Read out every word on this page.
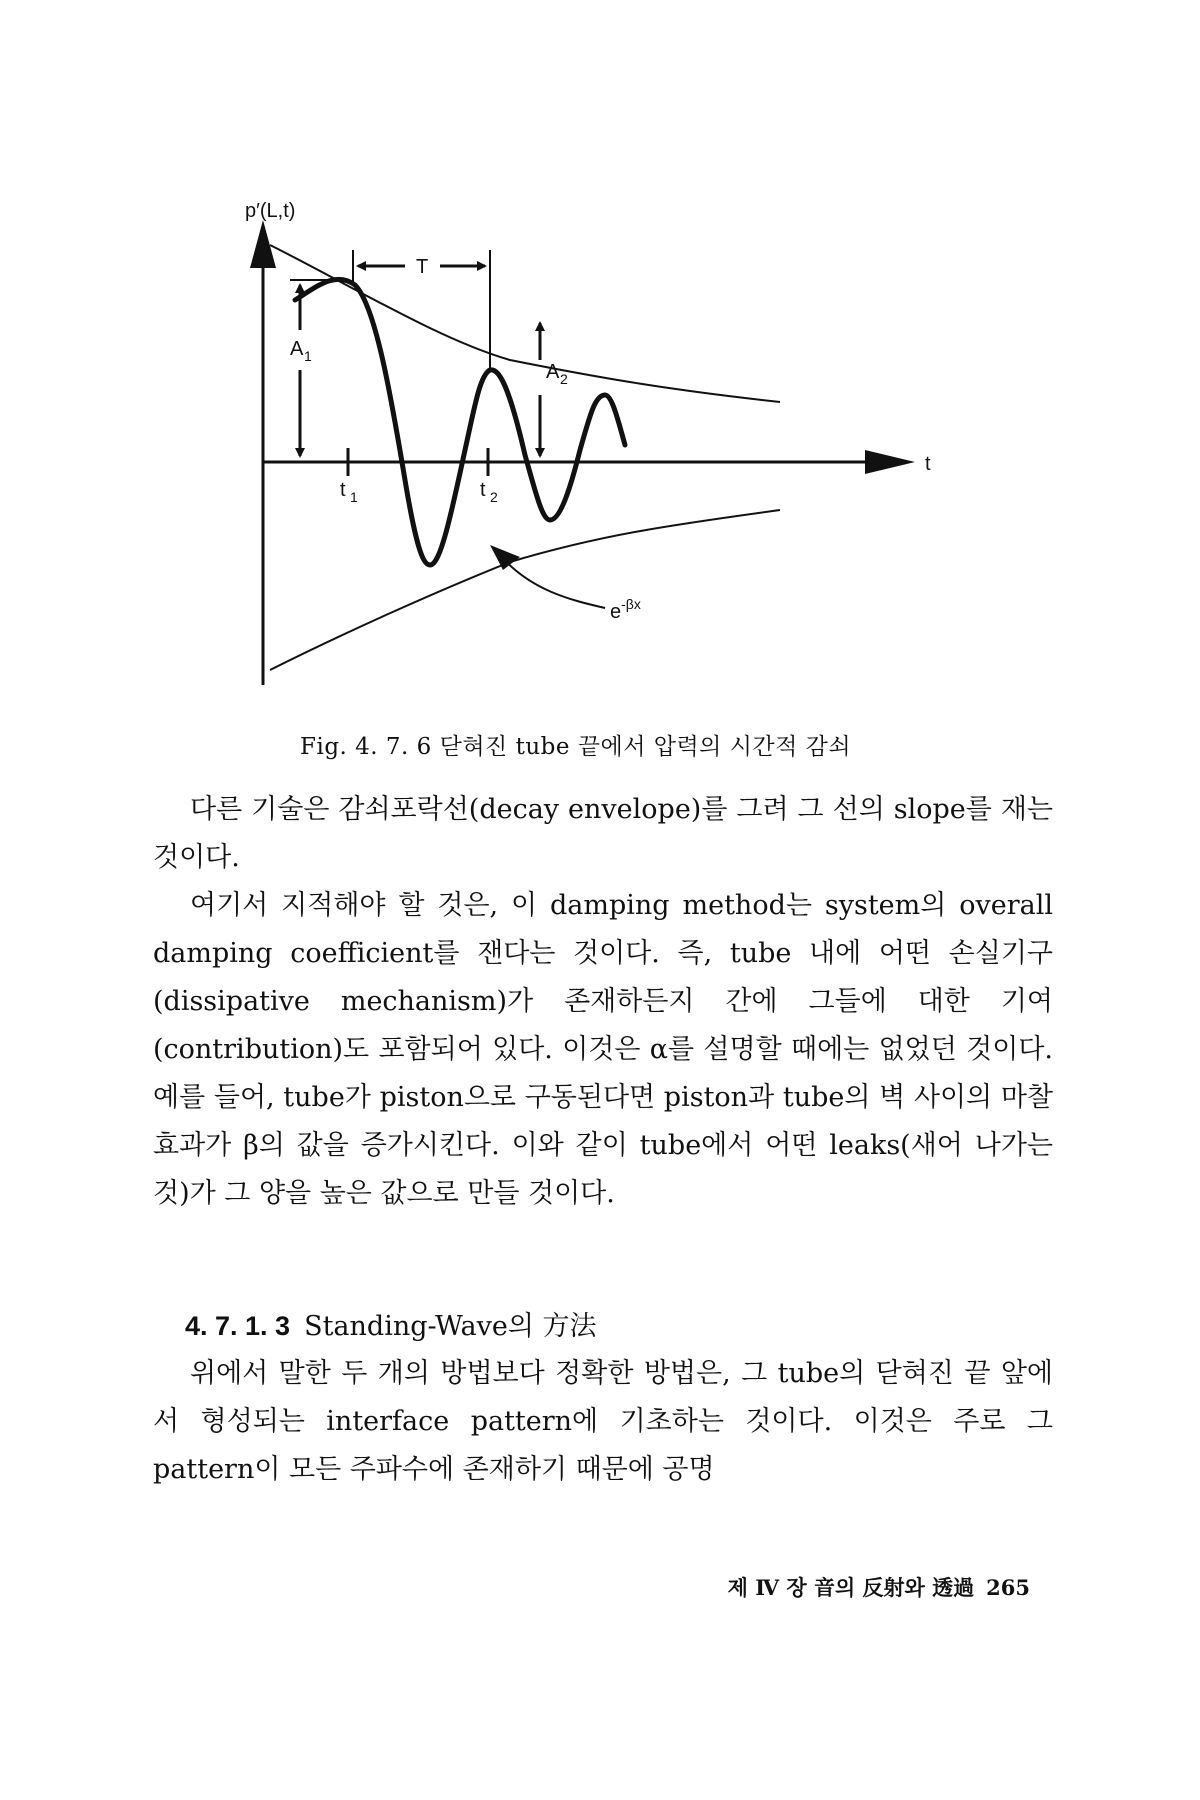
p′(L,t)
t
t 1	t 2
T
A 1
A 2
$e^{-\beta x}$
Fig. 4. 7. 6 닫혀진 tube 끝에서 압력의 시간적 감쇠

다른 기술은 감쇠포락선(decay envelope)를 그려 그 선의 slope를 재는 것이다.

여기서 지적해야 할 것은, 이 damping method는 system의 overall damping coefficient를 잰다는 것이다. 즉, tube 내에 어떤 손실기구(dissipative mechanism)가 존재하든지 간에 그들에 대한 기여(contribution)도 포함되어 있다. 이것은 α를 설명할 때에는 없었던 것이다. 예를 들어, tube가 piston으로 구동된다면 piston과 tube의 벽 사이의 마찰 효과가 β의 값을 증가시킨다. 이와 같이 tube에서 어떤 leaks(새어 나가는 것)가 그 양을 높은 값으로 만들 것이다.

4. 7. 1. 3 Standing-Wave의 方法

위에서 말한 두 개의 방법보다 정확한 방법은, 그 tube의 닫혀진 끝 앞에서 형성되는 interface pattern에 기초하는 것이다. 이것은 주로 그 pattern이 모든 주파수에 존재하기 때문에 공명

제 Ⅳ 장 音의 反射와 透過 265
